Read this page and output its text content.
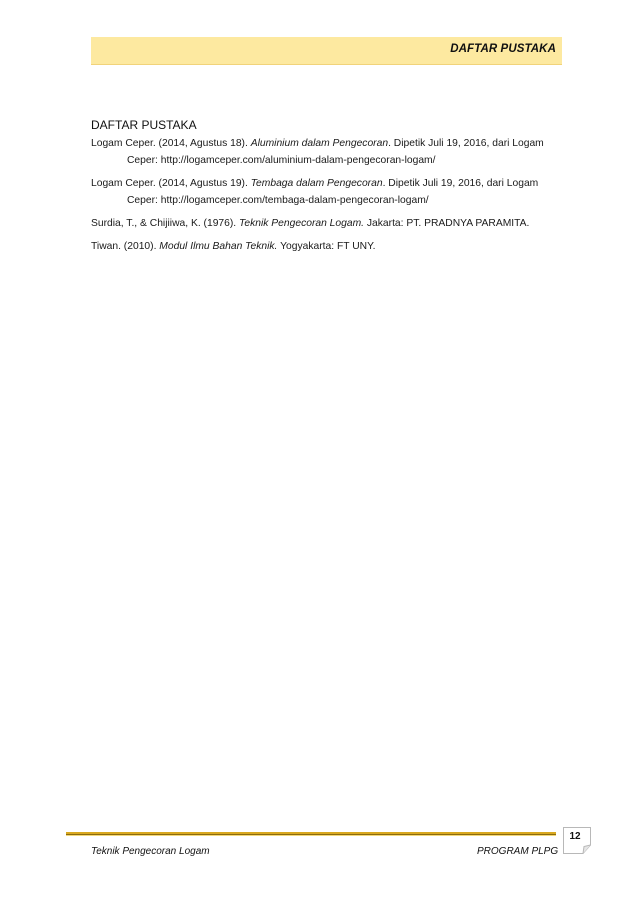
DAFTAR PUSTAKA
DAFTAR PUSTAKA

Logam Ceper. (2014, Agustus 18). Aluminium dalam Pengecoran. Dipetik Juli 19, 2016, dari Logam Ceper: http://logamceper.com/aluminium-dalam-pengecoran-logam/

Logam Ceper. (2014, Agustus 19). Tembaga dalam Pengecoran. Dipetik Juli 19, 2016, dari Logam Ceper: http://logamceper.com/tembaga-dalam-pengecoran-logam/

Surdia, T., & Chijiiwa, K. (1976). Teknik Pengecoran Logam. Jakarta: PT. PRADNYA PARAMITA.

Tiwan. (2010). Modul Ilmu Bahan Teknik. Yogyakarta: FT UNY.

Teknik Pengecoran Logam	PROGRAM PLPG
12
